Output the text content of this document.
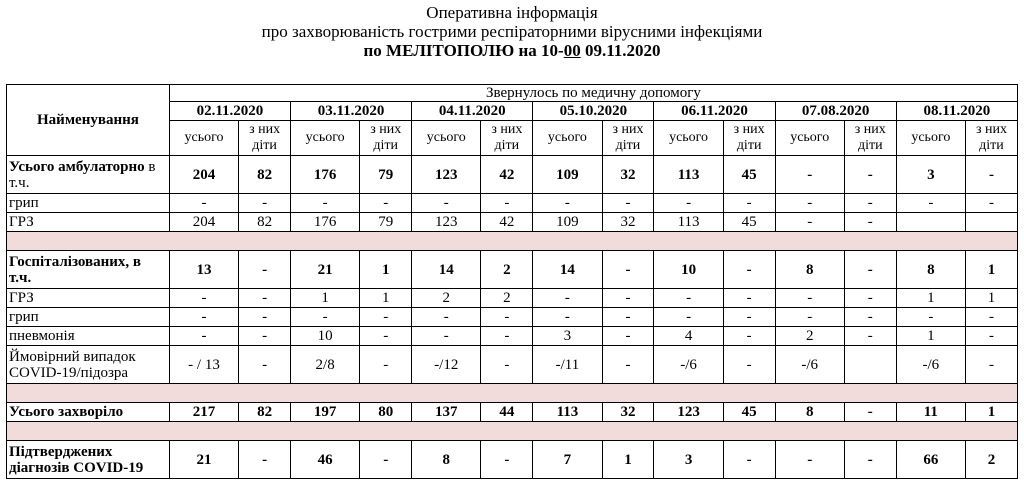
Оперативна інформація
про захворюваність гострими респіраторними вірусними інфекціями
по МЕЛІТОПОЛЮ на 10-00 09.11.2020
Найменування	Звернулось по медичну допомогу													
	02.11.2020		03.11.2020		04.11.2020		05.10.2020		06.11.2020		07.08.2020		08.11.2020	
	усього	з них діти	усього	з них діти	усього	з них діти	усього	з них діти	усього	з них діти	усього	з них діти	усього	з них діти
Усього амбулаторно в т.ч.	204	82	176	79	123	42	109	32	113	45	-	-	3	-
грип	-	-	-	-	-	-	-	-	-	-	-	-	-	-
ГРЗ	204	82	176	79	123	42	109	32	113	45	-	-		

Госпіталізованих, в т.ч.	13	-	21	1	14	2	14	-	10	-	8	-	8	1
ГРЗ	-	-	1	1	2	2	-	-	-	-	-	-	1	1
грип	-	-	-	-	-	-	-	-	-	-	-	-	-	-
пневмонія	-	-	10	-	-	-	3	-	4	-	2	-	1	-
Ймовірний випадок COVID-19/підозра	- / 13	-	2/8	-	-/12	-	-/11	-	-/6	-	-/6		-/6	-

Усього захворіло	217	82	197	80	137	44	113	32	123	45	8	-	11	1

Підтверджених діагнозів COVID-19	21	-	46	-	8	-	7	1	3	-	-	-	66	2
